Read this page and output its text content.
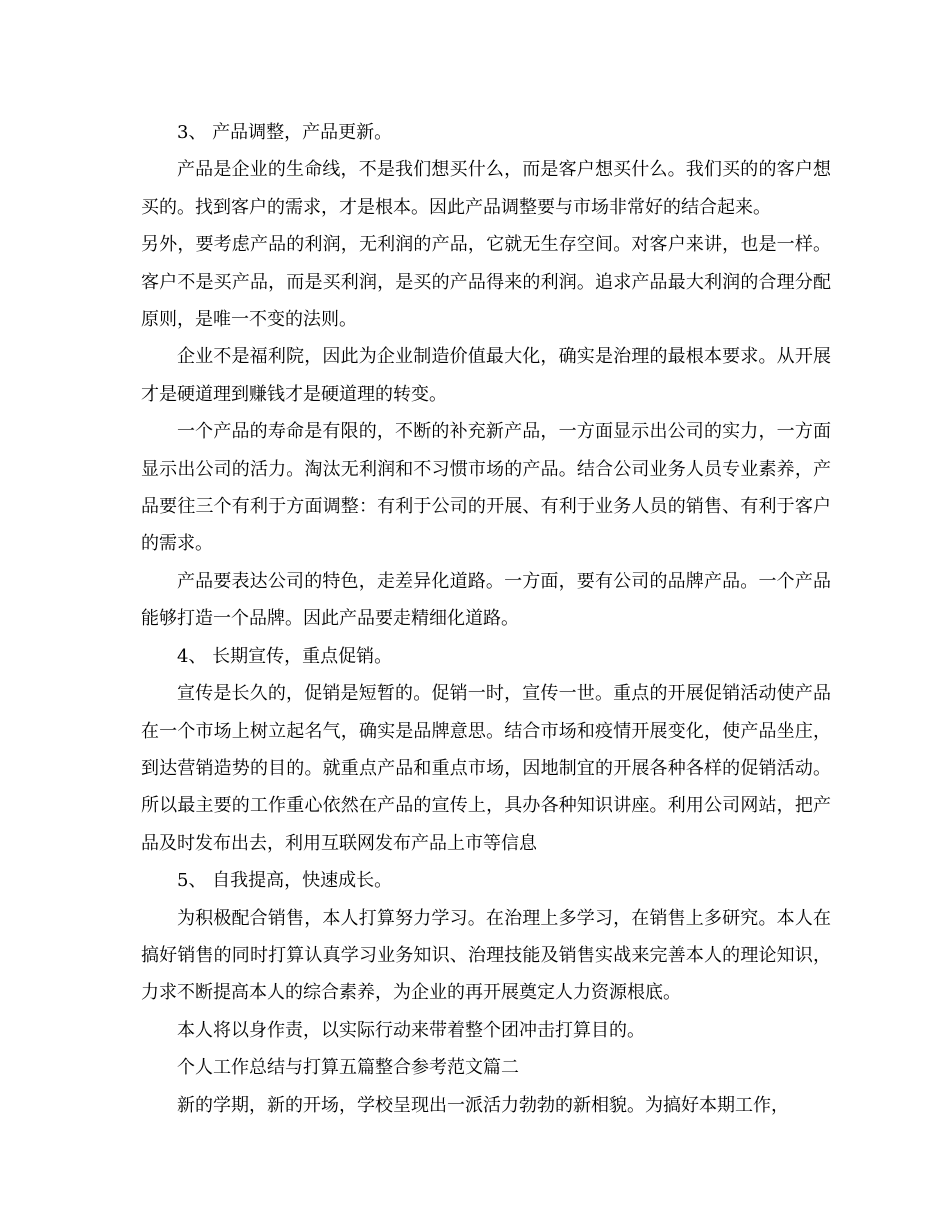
3、 产品调整，产品更新。

产品是企业的生命线，不是我们想买什么，而是客户想买什么。我们买的的客户想买的。找到客户的需求，才是根本。因此产品调整要与市场非常好的结合起来。

另外，要考虑产品的利润，无利润的产品，它就无生存空间。对客户来讲，也是一样。客户不是买产品，而是买利润，是买的产品得来的利润。追求产品最大利润的合理分配原则，是唯一不变的法则。

企业不是福利院，因此为企业制造价值最大化，确实是治理的最根本要求。从开展才是硬道理到赚钱才是硬道理的转变。

一个产品的寿命是有限的，不断的补充新产品，一方面显示出公司的实力，一方面显示出公司的活力。淘汰无利润和不习惯市场的产品。结合公司业务人员专业素养，产品要往三个有利于方面调整：有利于公司的开展、有利于业务人员的销售、有利于客户的需求。

产品要表达公司的特色，走差异化道路。一方面，要有公司的品牌产品。一个产品能够打造一个品牌。因此产品要走精细化道路。

4、 长期宣传，重点促销。

宣传是长久的，促销是短暂的。促销一时，宣传一世。重点的开展促销活动使产品在一个市场上树立起名气，确实是品牌意思。结合市场和疫情开展变化，使产品坐庄，到达营销造势的目的。就重点产品和重点市场，因地制宜的开展各种各样的促销活动。所以最主要的工作重心依然在产品的宣传上，具办各种知识讲座。利用公司网站，把产品及时发布出去，利用互联网发布产品上市等信息

5、 自我提高，快速成长。

为积极配合销售，本人打算努力学习。在治理上多学习，在销售上多研究。本人在搞好销售的同时打算认真学习业务知识、治理技能及销售实战来完善本人的理论知识，力求不断提高本人的综合素养，为企业的再开展奠定人力资源根底。

本人将以身作责，以实际行动来带着整个团冲击打算目的。

个人工作总结与打算五篇整合参考范文篇二

新的学期，新的开场，学校呈现出一派活力勃勃的新相貌。为搞好本期工作，
